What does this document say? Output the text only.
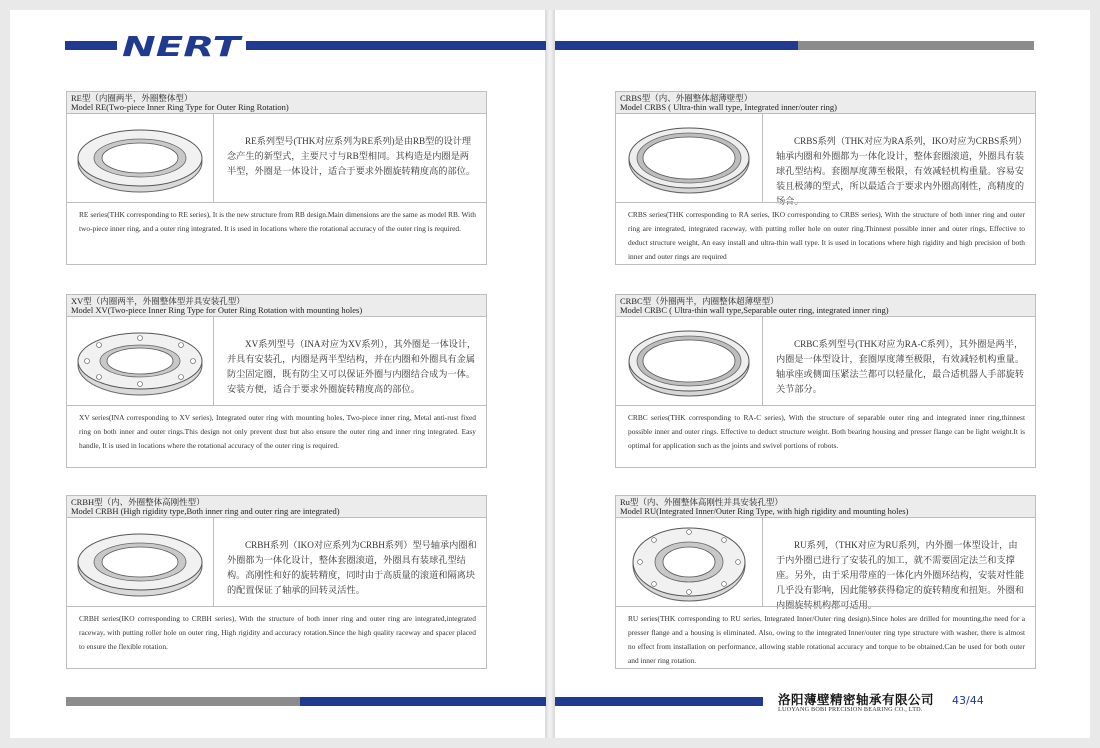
NERT
RE型（内圈两半，外圈整体型）
Model RE(Two-piece Inner Ring Type for Outer Ring Rotation)
RE系列型号(THK对应系列为RE系列)是由RB型的设计理念产生的新型式，主要尺寸与RB型相同。其构造是内圈是两半型，外圈是一体设计，适合于要求外圈旋转精度高的部位。
RE series(THK corresponding to RE series), It is the new structure from RB design.Main dimensions are the same as model RB. With two-piece inner ring, and a outer ring integrated. It is used in locations where the rotational accuracy of the outer ring is required.
XV型（内圈两半，外圈整体型并具安装孔型）
Model XV(Two-piece Inner Ring Type for Outer Ring Rotation with mounting holes)
XV系列型号（INA对应为XV系列），其外圈是一体设计，并具有安装孔，内圈是两半型结构，并在内圈和外圈具有金属防尘固定圈，既有防尘又可以保证外圈与内圈结合成为一体。安装方便，适合于要求外圈旋转精度高的部位。
XV series(INA corresponding to XV series), Integrated outer ring with mounting holes, Two-piece inner ring, Metal anti-rust fixed ring on both inner and outer rings.This design not only prevent dust but also ensure the outer ring and inner ring integrated. Easy handle, It is used in locations where the rotational accuracy of the outer ring is required.
CRBH型（内、外圈整体高刚性型）
Model CRBH (High rigidity type,Both inner ring and outer ring are integrated)
CRBH系列（IKO对应系列为CRBH系列）型号轴承内圈和外圈都为一体化设计，整体套圈滚道，外圈具有装球孔型结构。高刚性和好的旋转精度，同时由于高质量的滚道和隔离块的配置保证了轴承的回转灵活性。
CRBH series(IKO corresponding to CRBH series), With the structure of both inner ring and outer ring are integrated,integrated raceway, with putting roller hole on outer ring, High rigidity and accuracy rotation.Since the high quality raceway and spacer placed to ensure the flexible rotation.
CRBS型（内、外圈整体超薄壁型）
Model CRBS ( Ultra-thin wall type, Integrated inner/outer ring)
CRBS系列（THK对应为RA系列，IKO对应为CRBS系列）轴承内圈和外圈都为一体化设计，整体套圈滚道，外圈具有装球孔型结构。套圈厚度薄至极限，有效减轻机构重量。容易安装且极薄的型式，所以最适合于要求内外圈高刚性，高精度的场合。
CRBS series(THK corresponding to RA series, IKO corresponding to CRBS series), With the structure of both inner ring and outer ring are integrated, integrated raceway, with putting roller hole on outer ring.Thinnest possible inner and outer rings, Effective to deduct structure weight, An easy install and ultra-thin wall type. It is used in locations where high rigidity and high precision of both inner and outer rings are required
CRBC型（外圈两半，内圈整体超薄壁型）
Model CRBC ( Ultra-thin wall type,Separable outer ring, integrated inner ring)
CRBC系列型号(THK对应为RA-C系列），其外圈是两半，内圈是一体型设计，套圈厚度薄至极限，有效减轻机构重量。轴承座或侧面压紧法兰都可以轻量化，最合适机器人手部旋转关节部分。
CRBC series(THK corresponding to RA-C series), With the structure of separable outer ring and integrated inner ring,thinnest possible inner and outer rings. Effective to deduct structure weight. Both bearing housing and presser flange can be light weight.It is optimal for application such as the joints and swivel portions of robots.
Ru型（内、外圈整体高刚性并具安装孔型）
Model RU(Integrated Inner/Outer Ring Type, with high rigidity and mounting holes)
RU系列，（THK对应为RU系列，内外圈一体型设计，由于内外圈已进行了安装孔的加工，就不需要固定法兰和支撑座。另外，由于采用带座的一体化内外圈环结构，安装对性能几乎没有影响，因此能够获得稳定的旋转精度和扭矩。外圈和内圈旋转机构都可适用。
RU series(THK corresponding to RU series, Integrated Inner/Outer ring design).Since holes are drilled for mounting,the need for a presser flange and a housing is eliminated. Also, owing to the integrated Inner/outer ring type structure with washer, there is almost no effect from installation on performance, allowing stable rotational accuracy and torque to be obtained.Can be used for both outer and inner ring rotation.
洛阳薄壁精密轴承有限公司
LUOYANG BOBI PRECISION BEARING CO., LTD.
43/44
